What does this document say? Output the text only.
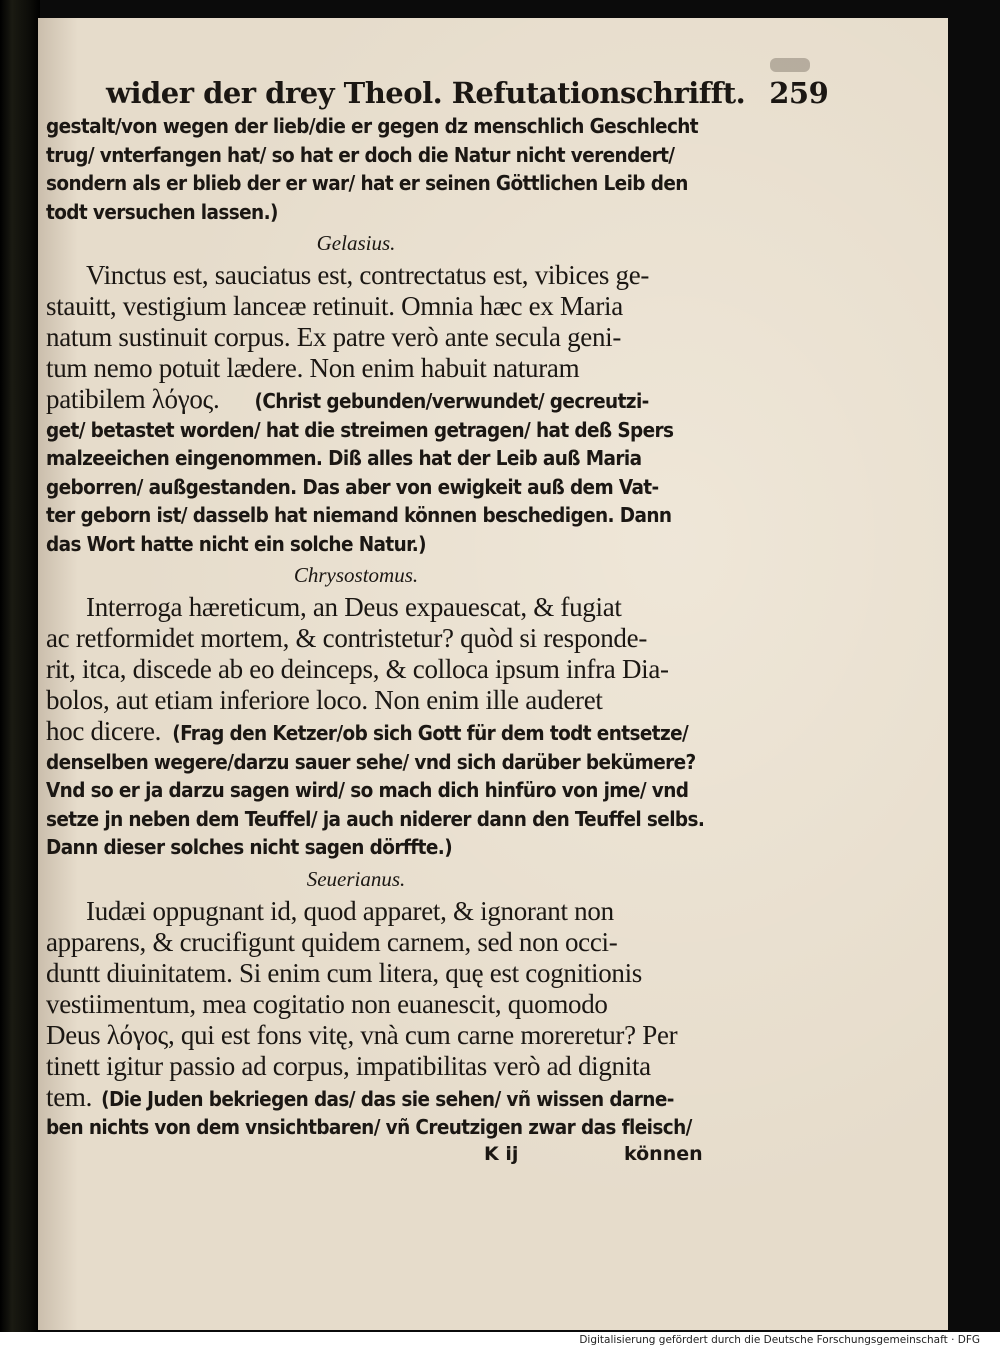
wider der drey Theol. Refutationschrifft. 259
gestalt/von wegen der lieb/die er gegen dz menschlich Geschlecht
trug/ vnterfangen hat/ so hat er doch die Natur nicht verendert/
sondern als er blieb der er war/ hat er seinen Göttlichen Leib den
todt versuchen lassen.)
Gelasius.
Vinctus est, sauciatus est, contrectatus est, vibices ge-
stauitt, vestigium lanceæ retinuit. Omnia hæc ex Maria
natum sustinuit corpus. Ex patre verò ante secula geni-
tum nemo potuit lædere. Non enim habuit naturam
patibilem λόγος. (Christ gebunden/verwundet/ gecreutzi-
get/ betastet worden/ hat die streimen getragen/ hat deß Spers
malzeeichen eingenommen. Diß alles hat der Leib auß Maria
geborren/ außgestanden. Das aber von ewigkeit auß dem Vat-
ter geborn ist/ dasselb hat niemand können beschedigen. Dann
das Wort hatte nicht ein solche Natur.)
Chrysostomus.
Interroga hæreticum, an Deus expauescat, & fugiat
ac retformidet mortem, & contristetur? quòd si responde-
rit, itca, discede ab eo deinceps, & colloca ipsum infra Dia-
bolos, aut etiam inferiore loco. Non enim ille auderet
hoc dicere. (Frag den Ketzer/ob sich Gott für dem todt entsetze/
denselben wegere/darzu sauer sehe/ vnd sich darüber bekümere?
Vnd so er ja darzu sagen wird/ so mach dich hinfüro von jme/ vnd
setze jn neben dem Teuffel/ ja auch niderer dann den Teuffel selbs.
Dann dieser solches nicht sagen dörffte.)
Seuerianus.
Iudæi oppugnant id, quod apparet, & ignorant non
apparens, & crucifigunt quidem carnem, sed non occi-
duntt diuinitatem. Si enim cum litera, quę est cognitionis
vestiimentum, mea cogitatio non euanescit, quomodo
Deus λόγος, qui est fons vitę, vnà cum carne moreretur? Per
tinett igitur passio ad corpus, impatibilitas verò ad dignita
tem. (Die Juden bekriegen das/ das sie sehen/ vñ wissen darne-
ben nichts von dem vnsichtbaren/ vñ Creutzigen zwar das fleisch/
K ij	können
Digitalisierung gefördert durch die Deutsche Forschungsgemeinschaft · DFG
